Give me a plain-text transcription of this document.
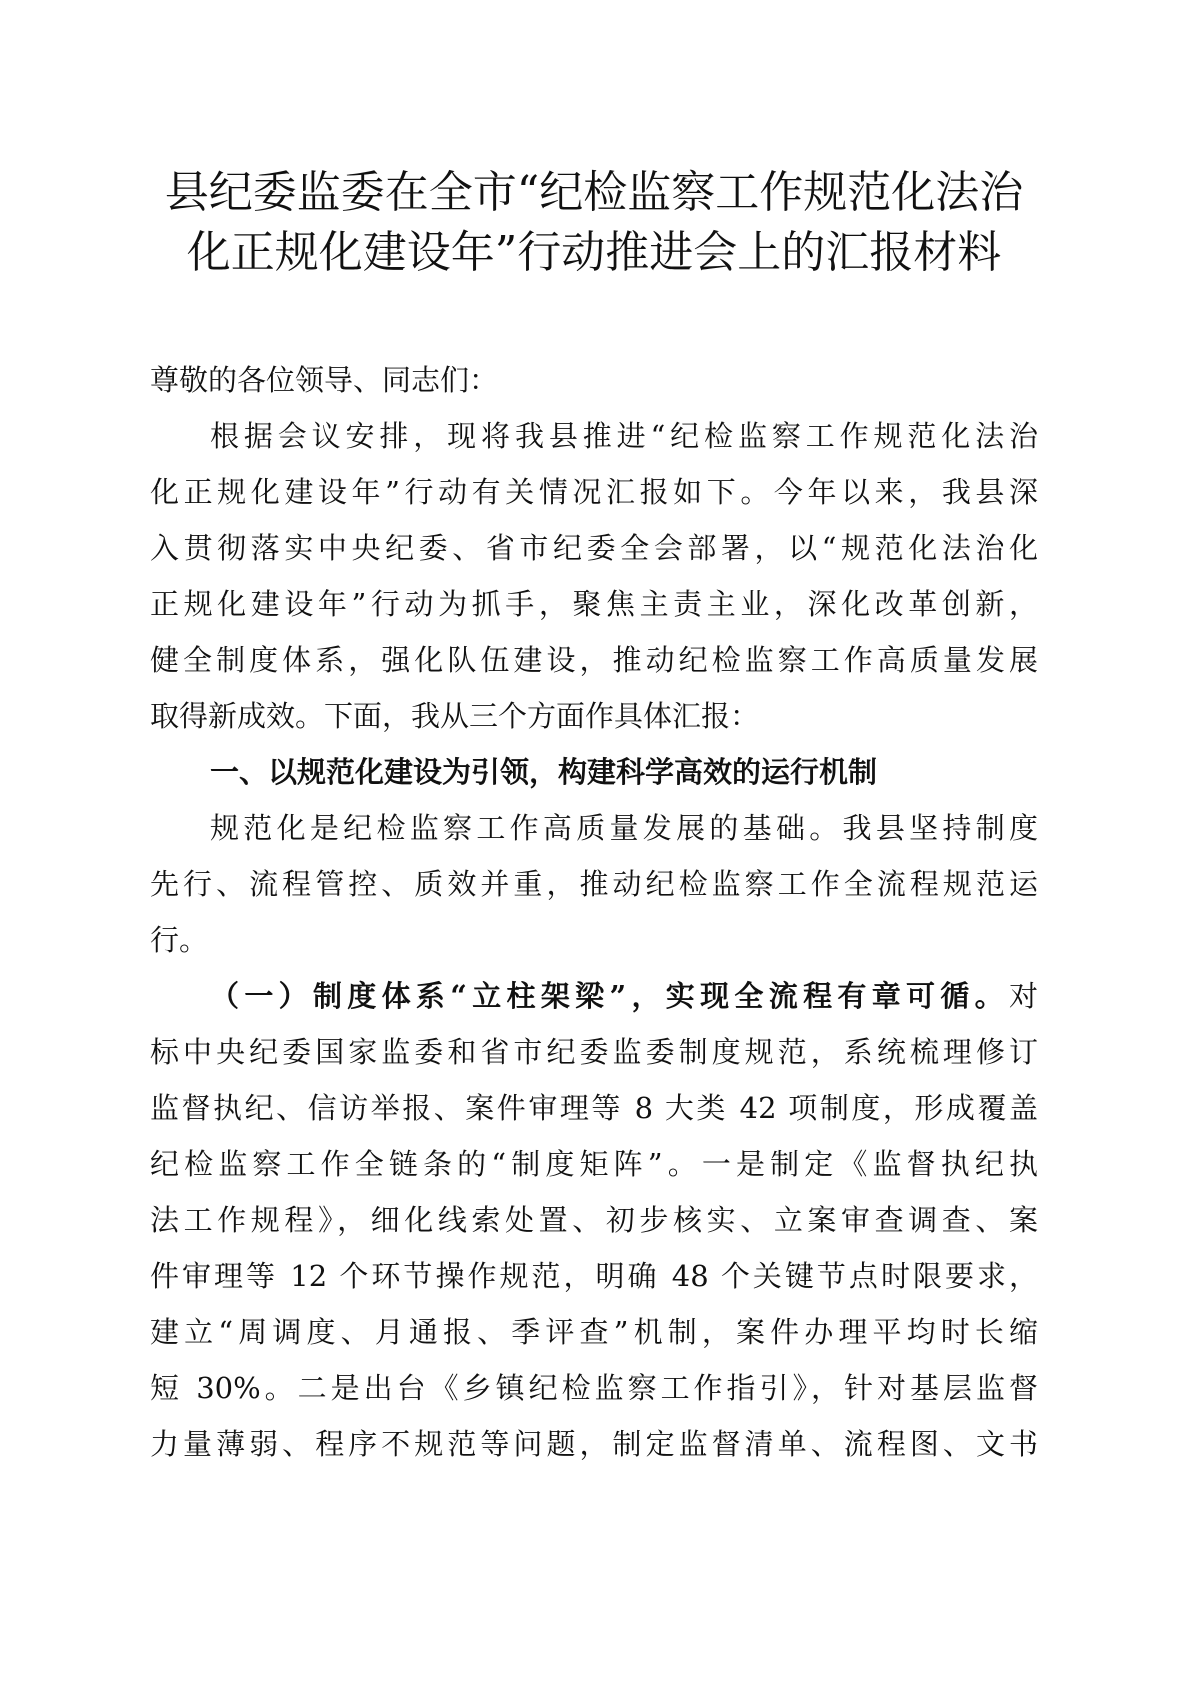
县纪委监委在全市“纪检监察工作规范化法治
化正规化建设年”行动推进会上的汇报材料
尊敬的各位领导、同志们：
根据会议安排，现将我县推进“纪检监察工作规范化法治
化正规化建设年”行动有关情况汇报如下。今年以来，我县深
入贯彻落实中央纪委、省市纪委全会部署，以“规范化法治化
正规化建设年”行动为抓手，聚焦主责主业，深化改革创新，
健全制度体系，强化队伍建设，推动纪检监察工作高质量发展
取得新成效。下面，我从三个方面作具体汇报：
一、以规范化建设为引领，构建科学高效的运行机制
规范化是纪检监察工作高质量发展的基础。我县坚持制度
先行、流程管控、质效并重，推动纪检监察工作全流程规范运
行。
（一）制度体系“立柱架梁”，实现全流程有章可循。对
标中央纪委国家监委和省市纪委监委制度规范，系统梳理修订
监督执纪、信访举报、案件审理等 8 大类 42 项制度，形成覆盖
纪检监察工作全链条的“制度矩阵”。一是制定《监督执纪执
法工作规程》，细化线索处置、初步核实、立案审查调查、案
件审理等 12 个环节操作规范，明确 48 个关键节点时限要求，
建立“周调度、月通报、季评查”机制，案件办理平均时长缩
短 30%。二是出台《乡镇纪检监察工作指引》，针对基层监督
力量薄弱、程序不规范等问题，制定监督清单、流程图、文书
